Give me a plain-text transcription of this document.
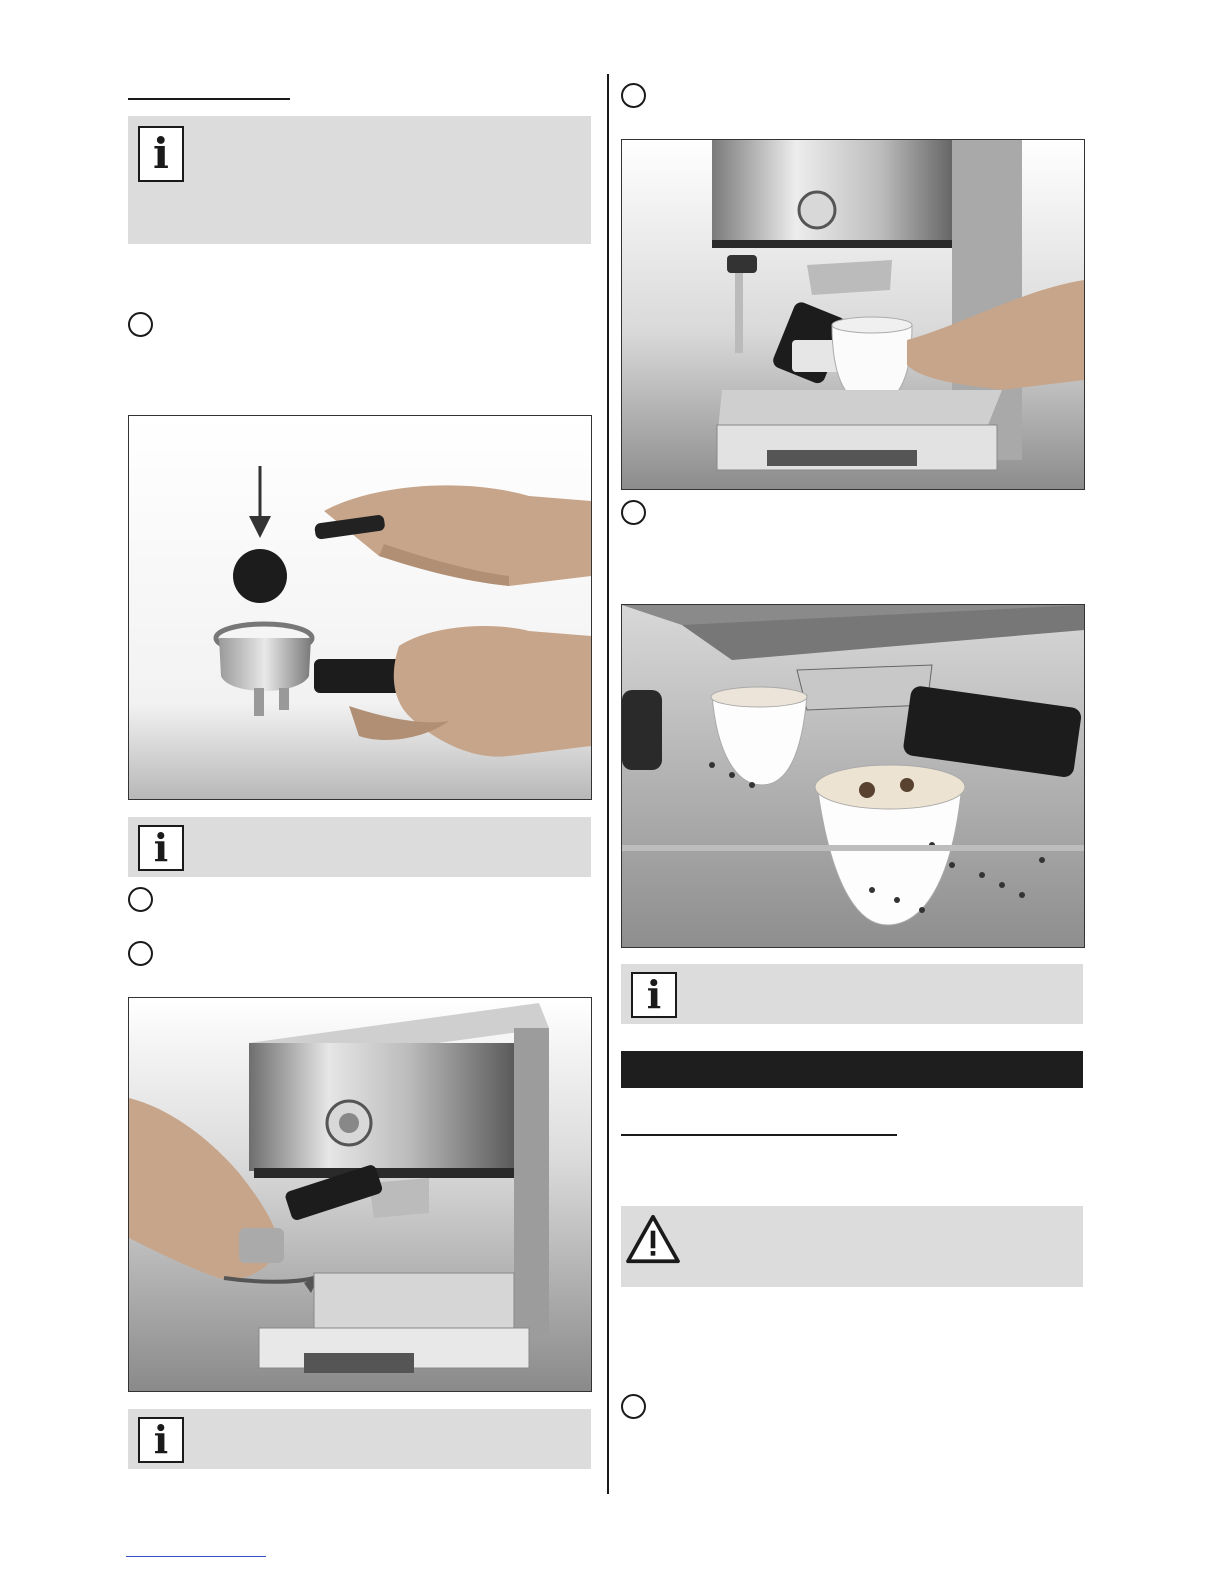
i
i
i
i
